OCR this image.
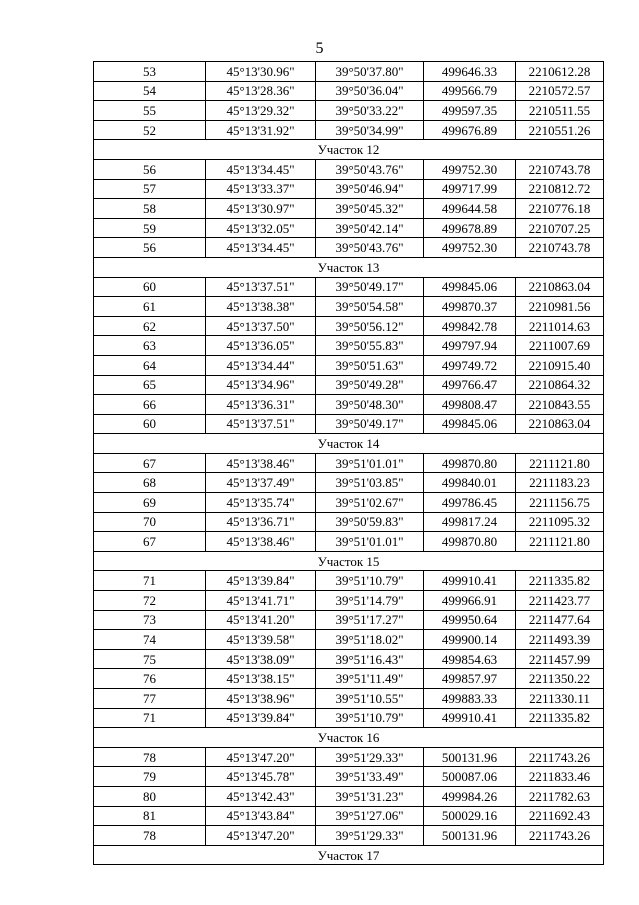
5
53	45°13'30.96"	39°50'37.80"	499646.33	2210612.28
54	45°13'28.36"	39°50'36.04"	499566.79	2210572.57
55	45°13'29.32"	39°50'33.22"	499597.35	2210511.55
52	45°13'31.92"	39°50'34.99"	499676.89	2210551.26
Участок 12				
56	45°13'34.45"	39°50'43.76"	499752.30	2210743.78
57	45°13'33.37"	39°50'46.94"	499717.99	2210812.72
58	45°13'30.97"	39°50'45.32"	499644.58	2210776.18
59	45°13'32.05"	39°50'42.14"	499678.89	2210707.25
56	45°13'34.45"	39°50'43.76"	499752.30	2210743.78
Участок 13				
60	45°13'37.51"	39°50'49.17"	499845.06	2210863.04
61	45°13'38.38"	39°50'54.58"	499870.37	2210981.56
62	45°13'37.50"	39°50'56.12"	499842.78	2211014.63
63	45°13'36.05"	39°50'55.83"	499797.94	2211007.69
64	45°13'34.44"	39°50'51.63"	499749.72	2210915.40
65	45°13'34.96"	39°50'49.28"	499766.47	2210864.32
66	45°13'36.31"	39°50'48.30"	499808.47	2210843.55
60	45°13'37.51"	39°50'49.17"	499845.06	2210863.04
Участок 14				
67	45°13'38.46"	39°51'01.01"	499870.80	2211121.80
68	45°13'37.49"	39°51'03.85"	499840.01	2211183.23
69	45°13'35.74"	39°51'02.67"	499786.45	2211156.75
70	45°13'36.71"	39°50'59.83"	499817.24	2211095.32
67	45°13'38.46"	39°51'01.01"	499870.80	2211121.80
Участок 15				
71	45°13'39.84"	39°51'10.79"	499910.41	2211335.82
72	45°13'41.71"	39°51'14.79"	499966.91	2211423.77
73	45°13'41.20"	39°51'17.27"	499950.64	2211477.64
74	45°13'39.58"	39°51'18.02"	499900.14	2211493.39
75	45°13'38.09"	39°51'16.43"	499854.63	2211457.99
76	45°13'38.15"	39°51'11.49"	499857.97	2211350.22
77	45°13'38.96"	39°51'10.55"	499883.33	2211330.11
71	45°13'39.84"	39°51'10.79"	499910.41	2211335.82
Участок 16				
78	45°13'47.20"	39°51'29.33"	500131.96	2211743.26
79	45°13'45.78"	39°51'33.49"	500087.06	2211833.46
80	45°13'42.43"	39°51'31.23"	499984.26	2211782.63
81	45°13'43.84"	39°51'27.06"	500029.16	2211692.43
78	45°13'47.20"	39°51'29.33"	500131.96	2211743.26
Участок 17				
